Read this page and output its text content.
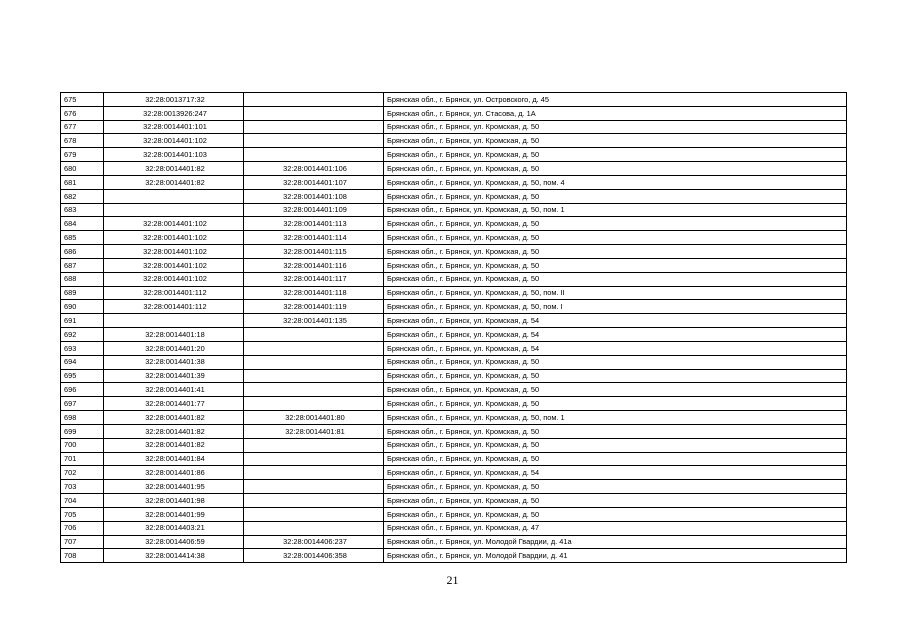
675	32:28:0013717:32		Брянская обл., г. Брянск, ул. Островского, д. 45
676	32:28:0013926:247		Брянская обл., г. Брянск, ул. Стасова, д. 1А
677	32:28:0014401:101		Брянская обл., г. Брянск, ул. Кромская, д. 50
678	32:28:0014401:102		Брянская обл., г. Брянск, ул. Кромская, д. 50
679	32:28:0014401:103		Брянская обл., г. Брянск, ул. Кромская, д. 50
680	32:28:0014401:82	32:28:0014401:106	Брянская обл., г. Брянск, ул. Кромская, д. 50
681	32:28:0014401:82	32:28:0014401:107	Брянская обл., г. Брянск, ул. Кромская, д. 50, пом. 4
682		32:28:0014401:108	Брянская обл., г. Брянск, ул. Кромская, д. 50
683		32:28:0014401:109	Брянская обл., г. Брянск, ул. Кромская, д. 50, пом. 1
684	32:28:0014401:102	32:28:0014401:113	Брянская обл., г. Брянск, ул. Кромская, д. 50
685	32:28:0014401:102	32:28:0014401:114	Брянская обл., г. Брянск, ул. Кромская, д. 50
686	32:28:0014401:102	32:28:0014401:115	Брянская обл., г. Брянск, ул. Кромская, д. 50
687	32:28:0014401:102	32:28:0014401:116	Брянская обл., г. Брянск, ул. Кромская, д. 50
688	32:28:0014401:102	32:28:0014401:117	Брянская обл., г. Брянск, ул. Кромская, д. 50
689	32:28:0014401:112	32:28:0014401:118	Брянская обл., г. Брянск, ул. Кромская, д. 50, пом. II
690	32:28:0014401:112	32:28:0014401:119	Брянская обл., г. Брянск, ул. Кромская, д. 50, пом. I
691		32:28:0014401:135	Брянская обл., г. Брянск, ул. Кромская, д. 54
692	32:28:0014401:18		Брянская обл., г. Брянск, ул. Кромская, д. 54
693	32:28:0014401:20		Брянская обл., г. Брянск, ул. Кромская, д. 54
694	32:28:0014401:38		Брянская обл., г. Брянск, ул. Кромская, д. 50
695	32:28:0014401:39		Брянская обл., г. Брянск, ул. Кромская, д. 50
696	32:28:0014401:41		Брянская обл., г. Брянск, ул. Кромская, д. 50
697	32:28:0014401:77		Брянская обл., г. Брянск, ул. Кромская, д. 50
698	32:28:0014401:82	32:28:0014401:80	Брянская обл., г. Брянск, ул. Кромская, д. 50, пом. 1
699	32:28:0014401:82	32:28:0014401:81	Брянская обл., г. Брянск, ул. Кромская, д. 50
700	32:28:0014401:82		Брянская обл., г. Брянск, ул. Кромская, д. 50
701	32:28:0014401:84		Брянская обл., г. Брянск, ул. Кромская, д. 50
702	32:28:0014401:86		Брянская обл., г. Брянск, ул. Кромская, д. 54
703	32:28:0014401:95		Брянская обл., г. Брянск, ул. Кромская, д. 50
704	32:28:0014401:98		Брянская обл., г. Брянск, ул. Кромская, д. 50
705	32:28:0014401:99		Брянская обл., г. Брянск, ул. Кромская, д. 50
706	32:28:0014403:21		Брянская обл., г. Брянск, ул. Кромская, д. 47
707	32:28:0014406:59	32:28:0014406:237	Брянская обл., г. Брянск, ул. Молодой Гвардии, д. 41а
708	32:28:0014414:38	32:28:0014406:358	Брянская обл., г. Брянск, ул. Молодой Гвардии, д. 41
21
